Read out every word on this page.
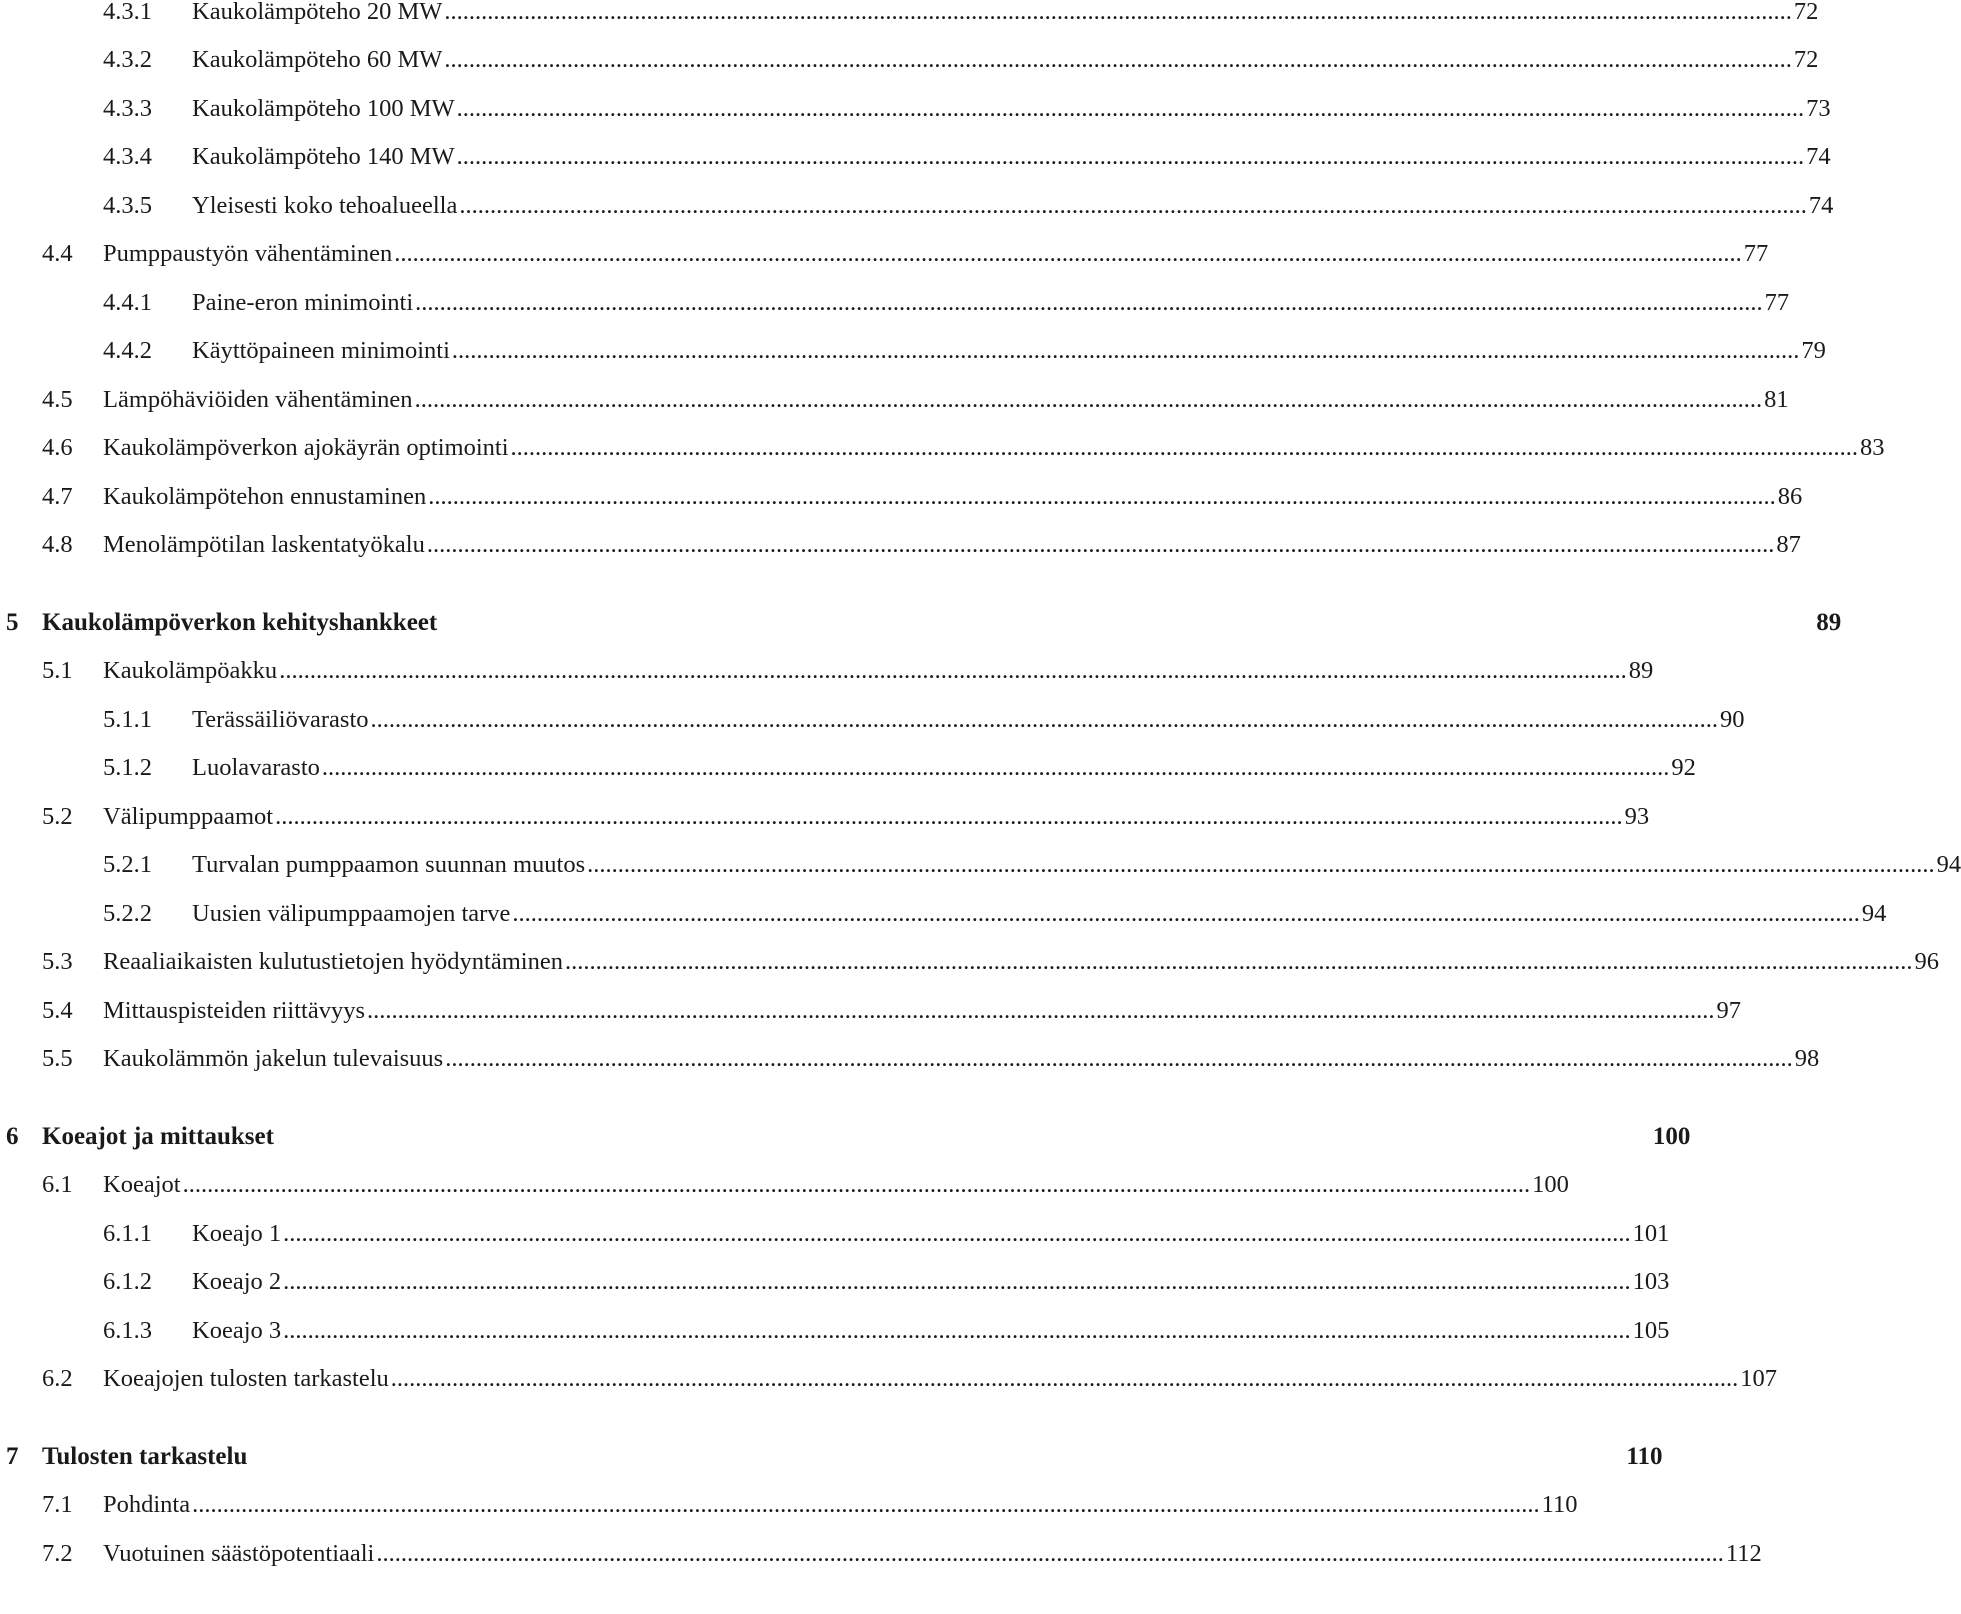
4.3.1	Kaukolämpöteho 20 MW ............................................................................................................................................................................................................................ 72
4.3.2	Kaukolämpöteho 60 MW ............................................................................................................................................................................................................................ 72
4.3.3	Kaukolämpöteho 100 MW ............................................................................................................................................................................................................................ 73
4.3.4	Kaukolämpöteho 140 MW ............................................................................................................................................................................................................................ 74
4.3.5	Yleisesti koko tehoalueella ............................................................................................................................................................................................................................ 74
4.4	Pumppaustyön vähentäminen ............................................................................................................................................................................................................................ 77
4.4.1	Paine-eron minimointi ............................................................................................................................................................................................................................ 77
4.4.2	Käyttöpaineen minimointi ............................................................................................................................................................................................................................ 79
4.5	Lämpöhäviöiden vähentäminen ............................................................................................................................................................................................................................ 81
4.6	Kaukolämpöverkon ajokäyrän optimointi ............................................................................................................................................................................................................................ 83
4.7	Kaukolämpötehon ennustaminen ............................................................................................................................................................................................................................ 86
4.8	Menolämpötilan laskentatyökalu ............................................................................................................................................................................................................................ 87
5 Kaukolämpöverkon kehityshankkeet	89
5.1	Kaukolämpöakku ............................................................................................................................................................................................................................ 89
5.1.1	Terässäiliövarasto ............................................................................................................................................................................................................................ 90
5.1.2	Luolavarasto ............................................................................................................................................................................................................................ 92
5.2	Välipumppaamot ............................................................................................................................................................................................................................ 93
5.2.1	Turvalan pumppaamon suunnan muutos ............................................................................................................................................................................................................................ 94
5.2.2	Uusien välipumppaamojen tarve ............................................................................................................................................................................................................................ 94
5.3	Reaaliaikaisten kulutustietojen hyödyntäminen ............................................................................................................................................................................................................................ 96
5.4	Mittauspisteiden riittävyys ............................................................................................................................................................................................................................ 97
5.5	Kaukolämmön jakelun tulevaisuus ............................................................................................................................................................................................................................ 98
6 Koeajot ja mittaukset	100
6.1	Koeajot ............................................................................................................................................................................................................................ 100
6.1.1	Koeajo 1 ............................................................................................................................................................................................................................ 101
6.1.2	Koeajo 2 ............................................................................................................................................................................................................................ 103
6.1.3	Koeajo 3 ............................................................................................................................................................................................................................ 105
6.2	Koeajojen tulosten tarkastelu ............................................................................................................................................................................................................................ 107
7 Tulosten tarkastelu	110
7.1	Pohdinta ............................................................................................................................................................................................................................ 110
7.2	Vuotuinen säästöpotentiaali ............................................................................................................................................................................................................................ 112
